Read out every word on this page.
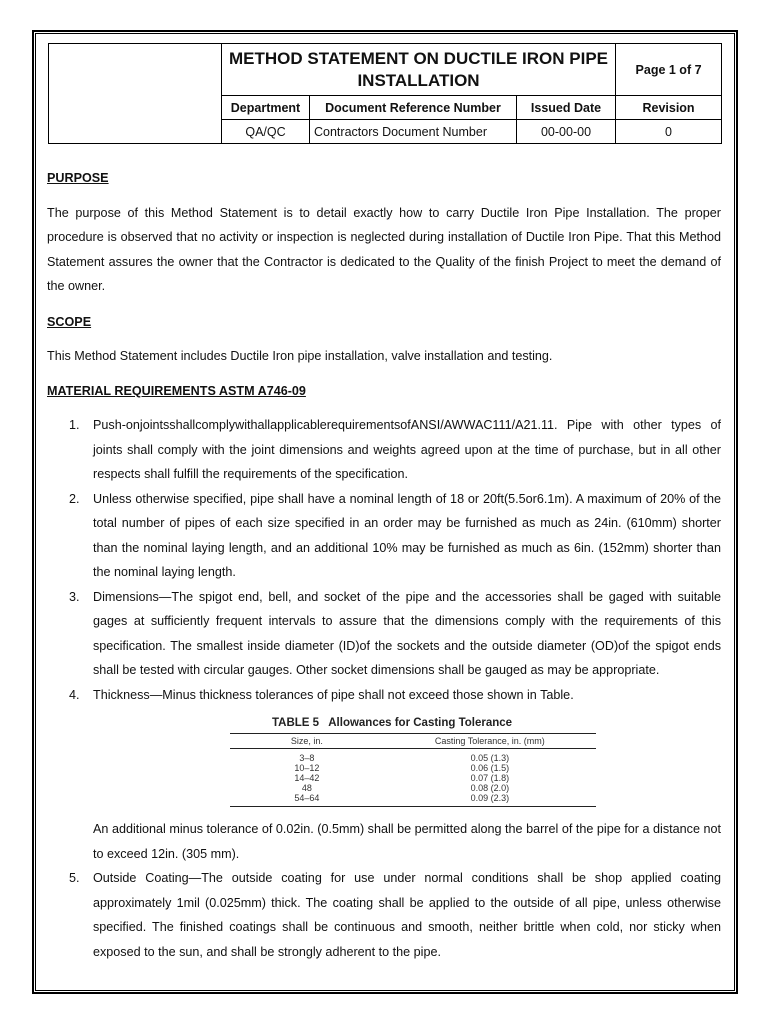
	METHOD STATEMENT ON DUCTILE IRON PIPE INSTALLATION			Page 1 of 7
	Department	Document Reference Number	Issued Date	Revision
	QA/QC	Contractors Document Number	00-00-00	0

PURPOSE

The purpose of this Method Statement is to detail exactly how to carry Ductile Iron Pipe Installation. The proper procedure is observed that no activity or inspection is neglected during installation of Ductile Iron Pipe. That this Method Statement assures the owner that the Contractor is dedicated to the Quality of the finish Project to meet the demand of the owner.

SCOPE

This Method Statement includes Ductile Iron pipe installation, valve installation and testing.

MATERIAL REQUIREMENTS ASTM A746-09

1. Push-onjointsshallcomplywithallapplicablerequirementsofANSI/AWWAC111/A21.11. Pipe with other types of joints shall comply with the joint dimensions and weights agreed upon at the time of purchase, but in all other respects shall fulfill the requirements of the specification.
2. Unless otherwise specified, pipe shall have a nominal length of 18 or 20ft(5.5or6.1m). A maximum of 20% of the total number of pipes of each size specified in an order may be furnished as much as 24in. (610mm) shorter than the nominal laying length, and an additional 10% may be furnished as much as 6in. (152mm) shorter than the nominal laying length.
3. Dimensions—The spigot end, bell, and socket of the pipe and the accessories shall be gaged with suitable gages at sufficiently frequent intervals to assure that the dimensions comply with the requirements of this specification. The smallest inside diameter (ID)of the sockets and the outside diameter (OD)of the spigot ends shall be tested with circular gauges. Other socket dimensions shall be gauged as may be appropriate.
4. Thickness—Minus thickness tolerances of pipe shall not exceed those shown in Table.
TABLE 5 Allowances for Casting Tolerance
Size, in.	Casting Tolerance, in. (mm)
3–8	0.05 (1.3)
10–12	0.06 (1.5)
14–42	0.07 (1.8)
48	0.08 (2.0)
54–64	0.09 (2.3)

An additional minus tolerance of 0.02in. (0.5mm) shall be permitted along the barrel of the pipe for a distance not to exceed 12in. (305 mm).

5. Outside Coating—The outside coating for use under normal conditions shall be shop applied coating approximately 1mil (0.025mm) thick. The coating shall be applied to the outside of all pipe, unless otherwise specified. The finished coatings shall be continuous and smooth, neither brittle when cold, nor sticky when exposed to the sun, and shall be strongly adherent to the pipe.
